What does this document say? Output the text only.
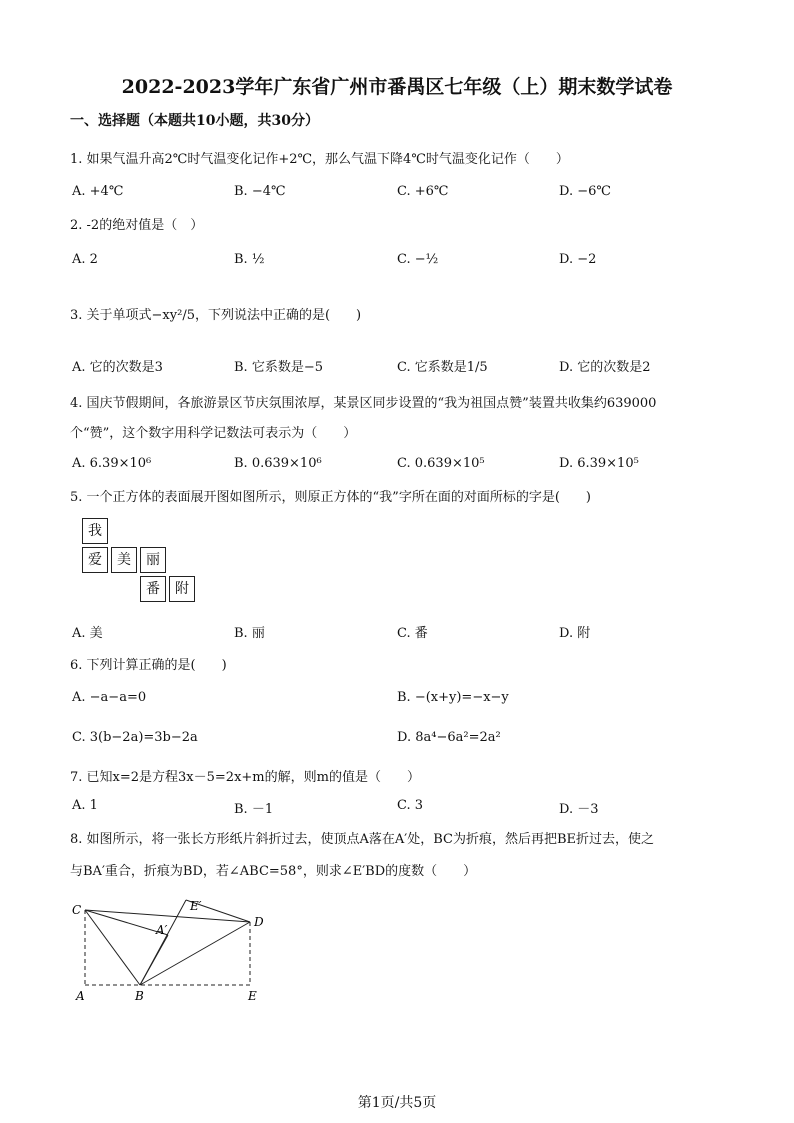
2022-2023学年广东省广州市番禺区七年级（上）期末数学试卷
一、选择题（本题共10小题，共30分）
1. 如果气温升高2℃时气温变化记作+2℃，那么气温下降4℃时气温变化记作（　　）
A. +4℃	B. −4℃	C. +6℃	D. −6℃
2. -2的绝对值是（　）
A. 2	B. ½	C. −½	D. −2
3. 关于单项式−xy²/5，下列说法中正确的是(　　)
A. 它的次数是3	B. 它系数是−5	C. 它系数是1/5	D. 它的次数是2
4. 国庆节假期间，各旅游景区节庆氛围浓厚，某景区同步设置的“我为祖国点赞”装置共收集约639000
个“赞”，这个数字用科学记数法可表示为（　　）
A. 6.39×10⁶	B. 0.639×10⁶	C. 0.639×10⁵	D. 6.39×10⁵
5. 一个正方体的表面展开图如图所示，则原正方体的“我”字所在面的对面所标的字是(　　)
我
爱	美	丽
番	附
A. 美	B. 丽	C. 番	D. 附
6. 下列计算正确的是(　　)
A. −a−a=0	B. −(x+y)=−x−y
C. 3(b−2a)=3b−2a	D. 8a⁴−6a²=2a²
7. 已知x=2是方程3x－5=2x+m的解，则m的值是（　　）
A. 1	B. －1	C. 3	D. －3
8. 如图所示，将一张长方形纸片斜折过去，使顶点A落在A′处，BC为折痕，然后再把BE折过去，使之
与BA′重合，折痕为BD，若∠ABC=58°，则求∠E′BD的度数（　　）
C
A′
E′
D
A	B	E
第1页/共5页
